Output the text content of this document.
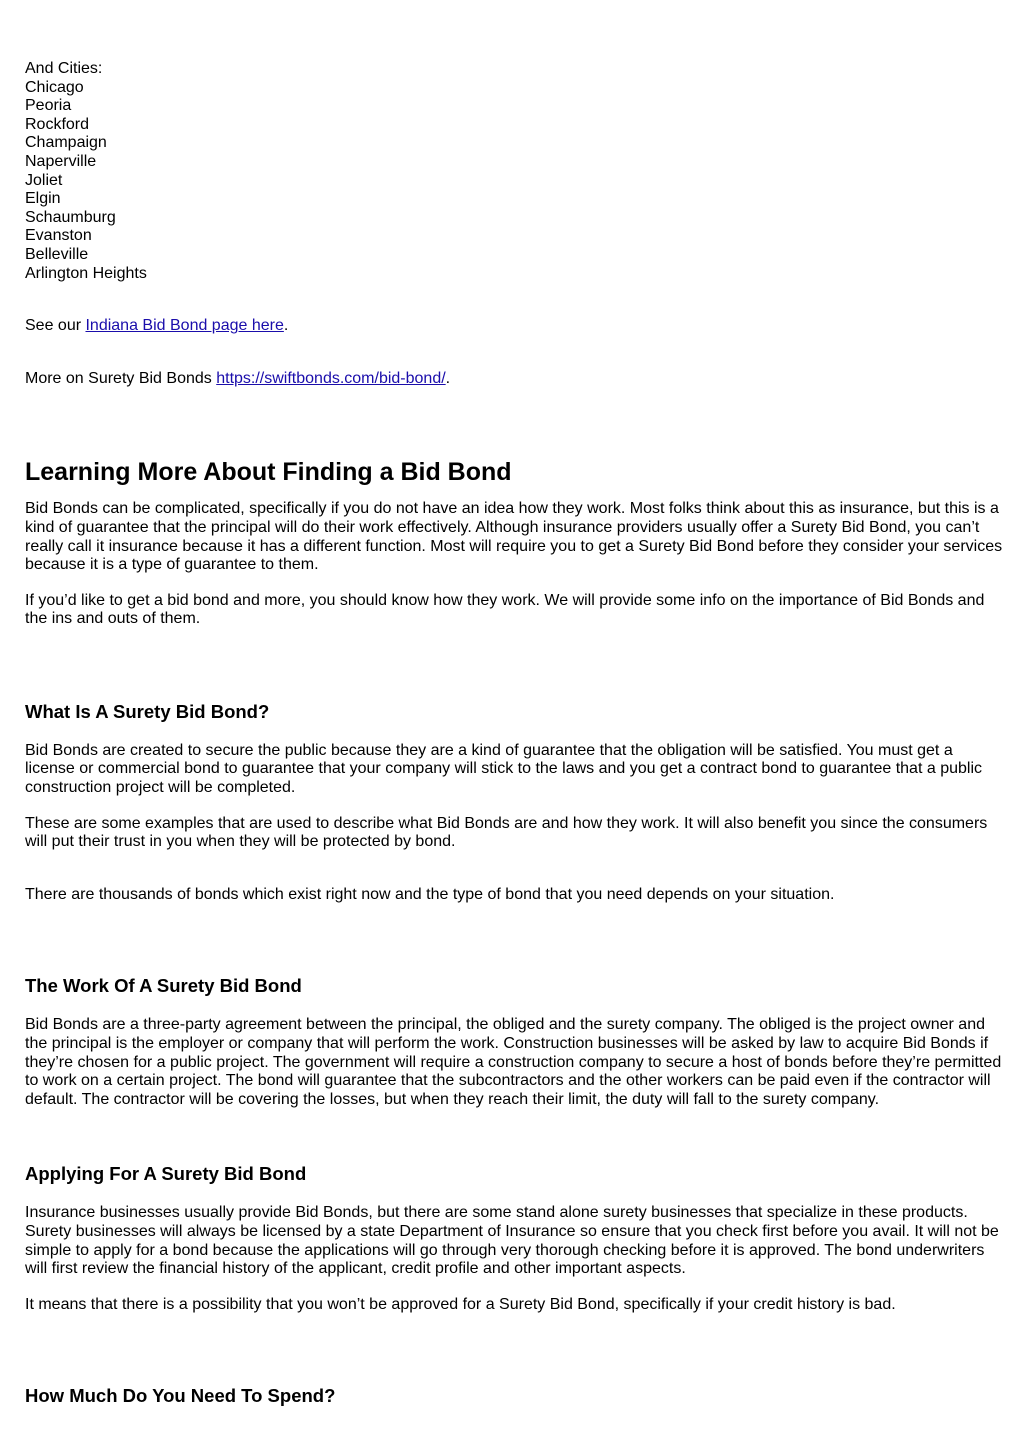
And Cities:
Chicago
Peoria
Rockford
Champaign
Naperville
Joliet
Elgin
Schaumburg
Evanston
Belleville
Arlington Heights

See our Indiana Bid Bond page here.

More on Surety Bid Bonds https://swiftbonds.com/bid-bond/.

Learning More About Finding a Bid Bond

Bid Bonds can be complicated, specifically if you do not have an idea how they work. Most folks think about this as insurance, but this is a kind of guarantee that the principal will do their work effectively. Although insurance providers usually offer a Surety Bid Bond, you can’t really call it insurance because it has a different function. Most will require you to get a Surety Bid Bond before they consider your services because it is a type of guarantee to them.

If you’d like to get a bid bond and more, you should know how they work. We will provide some info on the importance of Bid Bonds and the ins and outs of them.

What Is A Surety Bid Bond?

Bid Bonds are created to secure the public because they are a kind of guarantee that the obligation will be satisfied. You must get a license or commercial bond to guarantee that your company will stick to the laws and you get a contract bond to guarantee that a public construction project will be completed.

These are some examples that are used to describe what Bid Bonds are and how they work. It will also benefit you since the consumers will put their trust in you when they will be protected by bond.

There are thousands of bonds which exist right now and the type of bond that you need depends on your situation.

The Work Of A Surety Bid Bond

Bid Bonds are a three-party agreement between the principal, the obliged and the surety company. The obliged is the project owner and the principal is the employer or company that will perform the work. Construction businesses will be asked by law to acquire Bid Bonds if they’re chosen for a public project. The government will require a construction company to secure a host of bonds before they’re permitted to work on a certain project. The bond will guarantee that the subcontractors and the other workers can be paid even if the contractor will default. The contractor will be covering the losses, but when they reach their limit, the duty will fall to the surety company.

Applying For A Surety Bid Bond

Insurance businesses usually provide Bid Bonds, but there are some stand alone surety businesses that specialize in these products. Surety businesses will always be licensed by a state Department of Insurance so ensure that you check first before you avail. It will not be simple to apply for a bond because the applications will go through very thorough checking before it is approved. The bond underwriters will first review the financial history of the applicant, credit profile and other important aspects.

It means that there is a possibility that you won’t be approved for a Surety Bid Bond, specifically if your credit history is bad.

How Much Do You Need To Spend?
